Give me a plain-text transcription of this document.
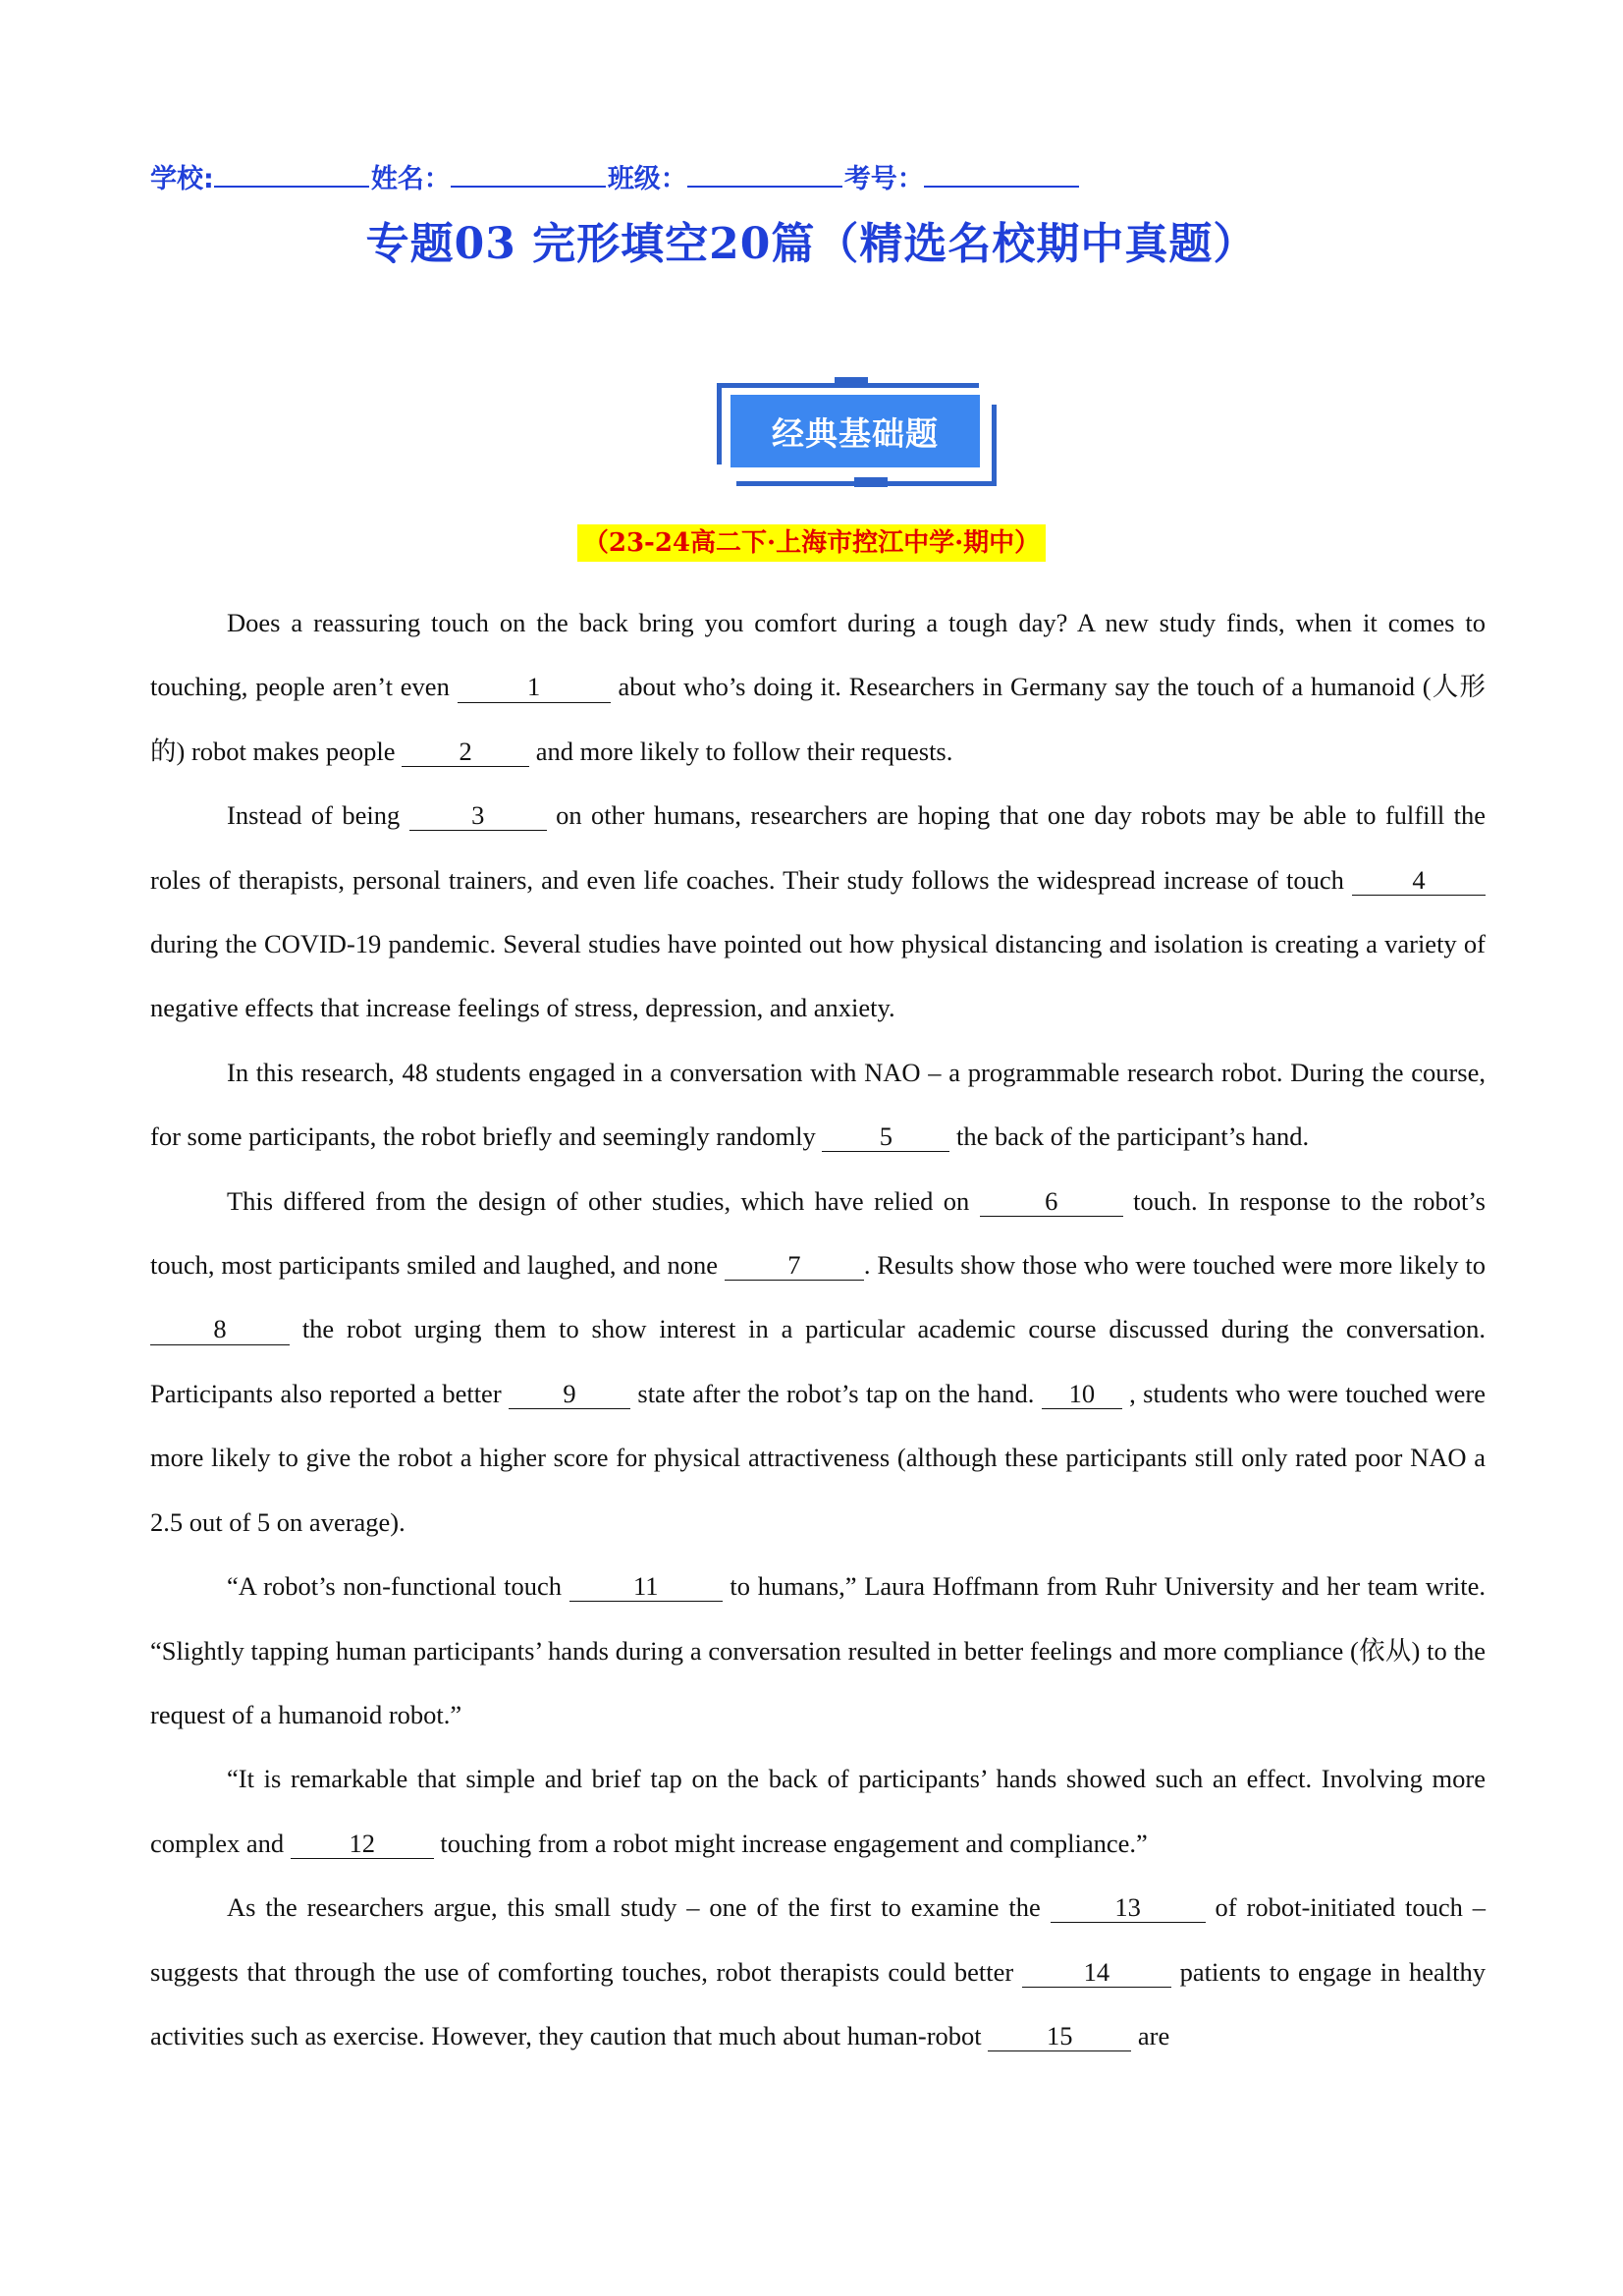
学校:	姓名：	班级：	考号：
专题03 完形填空20篇（精选名校期中真题）
经典基础题
（23-24高二下·上海市控江中学·期中）

Does a reassuring touch on the back bring you comfort during a tough day? A new study finds, when it comes to touching, people aren’t even	1	about who’s doing it. Researchers in Germany say the touch of a humanoid (人形的) robot makes people 2 and more likely to follow their requests.

Instead of being 3 on other humans, researchers are hoping that one day robots may be able to fulfill the roles of therapists, personal trainers, and even life coaches. Their study follows the widespread increase of touch 4 during the COVID-19 pandemic. Several studies have pointed out how physical distancing and isolation is creating a variety of negative effects that increase feelings of stress, depression, and anxiety.

In this research, 48 students engaged in a conversation with NAO – a programmable research robot. During the course, for some participants, the robot briefly and seemingly randomly 5 the back of the participant’s hand.

This differed from the design of other studies, which have relied on	6	touch. In response to the robot’s touch, most participants smiled and laughed, and none 7 . Results show those who were touched were more likely to 8 the robot urging them to show interest in a particular academic course discussed during the conversation. Participants also reported a better 9 state after the robot’s tap on the hand. 10 , students who were touched were more likely to give the robot a higher score for physical attractiveness (although these participants still only rated poor NAO a 2.5 out of 5 on average).

“A robot’s non-functional touch 11 to humans,” Laura Hoffmann from Ruhr University and her team write. “Slightly tapping human participants’ hands during a conversation resulted in better feelings and more compliance (依从) to the request of a humanoid robot.”

“It is remarkable that simple and brief tap on the back of participants’ hands showed such an effect. Involving more complex and 12 touching from a robot might increase engagement and compliance.”

As the researchers argue, this small study – one of the first to examine the 13 of robot-initiated touch – suggests that through the use of comforting touches, robot therapists could better 14 patients to engage in healthy activities such as exercise. However, they caution that much about human-robot 15 are
